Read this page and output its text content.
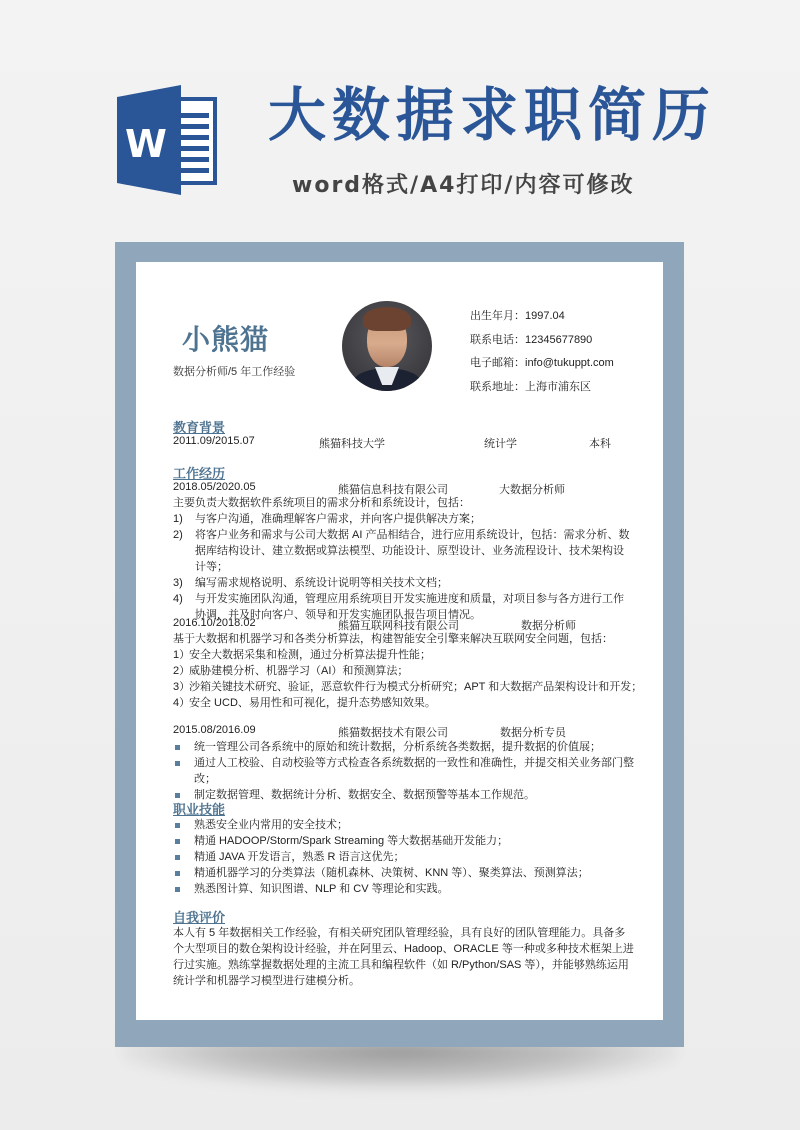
W 大数据求职简历
word格式/A4打印/内容可修改
小熊猫
数据分析师/5 年工作经验
出生年月：1997.04
联系电话：12345677890
电子邮箱：info@tukuppt.com
联系地址：上海市浦东区
教育背景
2011.09/2015.07	熊猫科技大学	统计学	本科
工作经历
2018.05/2020.05	熊猫信息科技有限公司	大数据分析师
主要负责大数据软件系统项目的需求分析和系统设计，包括：
1)	与客户沟通，准确理解客户需求，并向客户提供解决方案；
2)	将客户业务和需求与公司大数据 AI 产品相结合，进行应用系统设计，包括：需求分析、数据库结构设计、建立数据或算法模型、功能设计、原型设计、业务流程设计、技术架构设计等；
3)	编写需求规格说明、系统设计说明等相关技术文档；
4)	与开发实施团队沟通，管理应用系统项目开发实施进度和质量，对项目参与各方进行工作协调，并及时向客户、领导和开发实施团队报告项目情况。
2016.10/2018.02	熊猫互联网科技有限公司	数据分析师
基于大数据和机器学习和各类分析算法，构建智能安全引擎来解决互联网安全问题，包括：
1）
安全大数据采集和检测，通过分析算法提升性能；
2）
威胁建模分析、机器学习（AI）和预测算法；
3）
沙箱关键技术研究、验证，恶意软件行为模式分析研究；APT 和大数据产品架构设计和开发；
4）
安全 UCD、易用性和可视化，提升态势感知效果。
2015.08/2016.09	熊猫数据技术有限公司	数据分析专员
统一管理公司各系统中的原始和统计数据，分析系统各类数据，提升数据的价值展；
通过人工校验、自动校验等方式检查各系统数据的一致性和准确性，并提交相关业务部门整改；
制定数据管理、数据统计分析、数据安全、数据预警等基本工作规范。
职业技能
熟悉安全业内常用的安全技术；
精通 HADOOP/Storm/Spark Streaming 等大数据基础开发能力；
精通 JAVA 开发语言，熟悉 R 语言这优先；
精通机器学习的分类算法（随机森林、决策树、KNN 等）、聚类算法、预测算法；
熟悉图计算、知识图谱、NLP 和 CV 等理论和实践。
自我评价
本人有 5 年数据相关工作经验，有相关研究团队管理经验，具有良好的团队管理能力。具备多个大型项目的数仓架构设计经验，并在阿里云、Hadoop、ORACLE 等一种或多种技术框架上进行过实施。熟练掌握数据处理的主流工具和编程软件（如 R/Python/SAS 等），并能够熟练运用统计学和机器学习模型进行建模分析。
